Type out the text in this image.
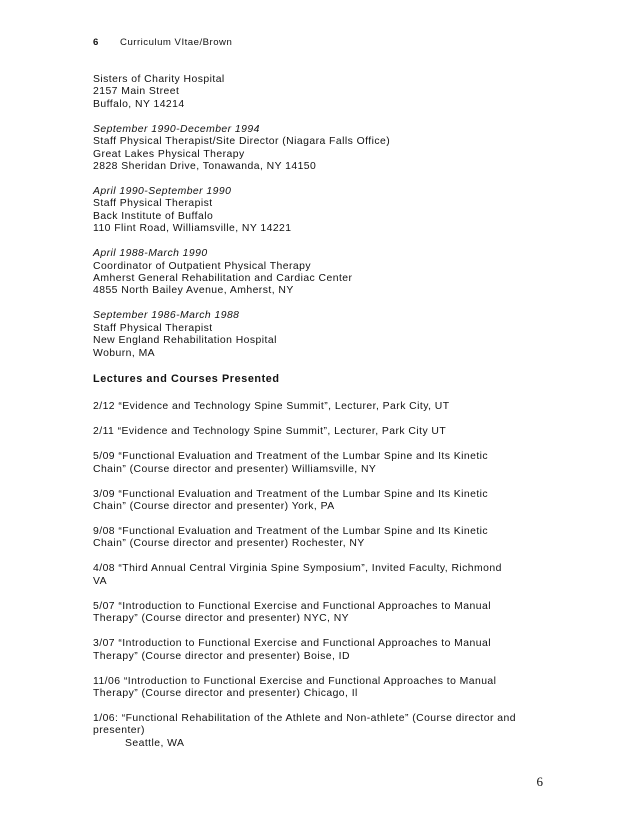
6 Curriculum VItae/Brown
Sisters of Charity Hospital
2157 Main Street
Buffalo, NY 14214
September 1990-December 1994
Staff Physical Therapist/Site Director (Niagara Falls Office)
Great Lakes Physical Therapy
2828 Sheridan Drive, Tonawanda, NY 14150
April 1990-September 1990
Staff Physical Therapist
Back Institute of Buffalo
110 Flint Road, Williamsville, NY 14221
April 1988-March 1990
Coordinator of Outpatient Physical Therapy
Amherst General Rehabilitation and Cardiac Center
4855 North Bailey Avenue, Amherst, NY
September 1986-March 1988
Staff Physical Therapist
New England Rehabilitation Hospital
Woburn, MA
Lectures and Courses Presented
2/12 “Evidence and Technology Spine Summit”, Lecturer, Park City, UT
2/11 “Evidence and Technology Spine Summit”, Lecturer, Park City UT
5/09 “Functional Evaluation and Treatment of the Lumbar Spine and Its Kinetic
Chain” (Course director and presenter) Williamsville, NY
3/09 “Functional Evaluation and Treatment of the Lumbar Spine and Its Kinetic
Chain” (Course director and presenter) York, PA
9/08 “Functional Evaluation and Treatment of the Lumbar Spine and Its Kinetic
Chain” (Course director and presenter) Rochester, NY
4/08 “Third Annual Central Virginia Spine Symposium”, Invited Faculty, Richmond
VA
5/07 “Introduction to Functional Exercise and Functional Approaches to Manual
Therapy” (Course director and presenter) NYC, NY
3/07 “Introduction to Functional Exercise and Functional Approaches to Manual
Therapy” (Course director and presenter) Boise, ID
11/06 “Introduction to Functional Exercise and Functional Approaches to Manual
Therapy” (Course director and presenter) Chicago, Il
1/06: “Functional Rehabilitation of the Athlete and Non-athlete” (Course director and
presenter)
Seattle, WA
6
